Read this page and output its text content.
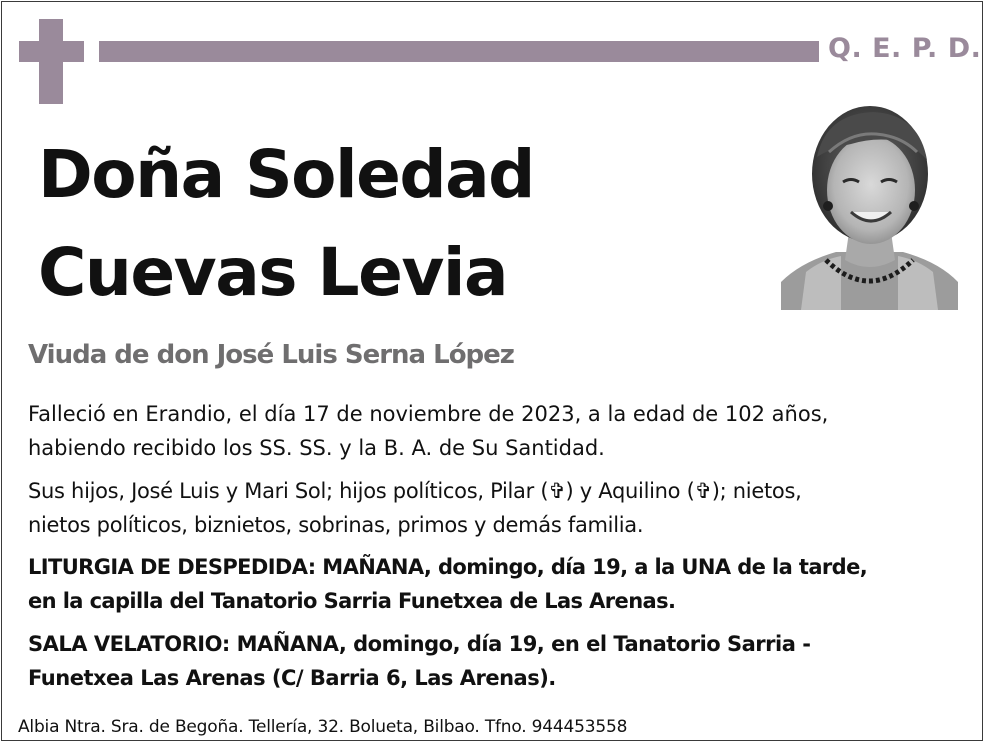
Q. E. P. D.
Doña Soledad
Cuevas Levia
Viuda de don José Luis Serna López
Falleció en Erandio, el día 17 de noviembre de 2023, a la edad de 102 años,
habiendo recibido los SS. SS. y la B. A. de Su Santidad.
Sus hijos, José Luis y Mari Sol; hijos políticos, Pilar (✞) y Aquilino (✞); nietos,
nietos políticos, biznietos, sobrinas, primos y demás familia.
LITURGIA DE DESPEDIDA: MAÑANA, domingo, día 19, a la UNA de la tarde,
en la capilla del Tanatorio Sarria Funetxea de Las Arenas.
SALA VELATORIO: MAÑANA, domingo, día 19, en el Tanatorio Sarria -
Funetxea Las Arenas (C/ Barria 6, Las Arenas).
Albia Ntra. Sra. de Begoña. Tellería, 32. Bolueta, Bilbao. Tfno. 944453558
